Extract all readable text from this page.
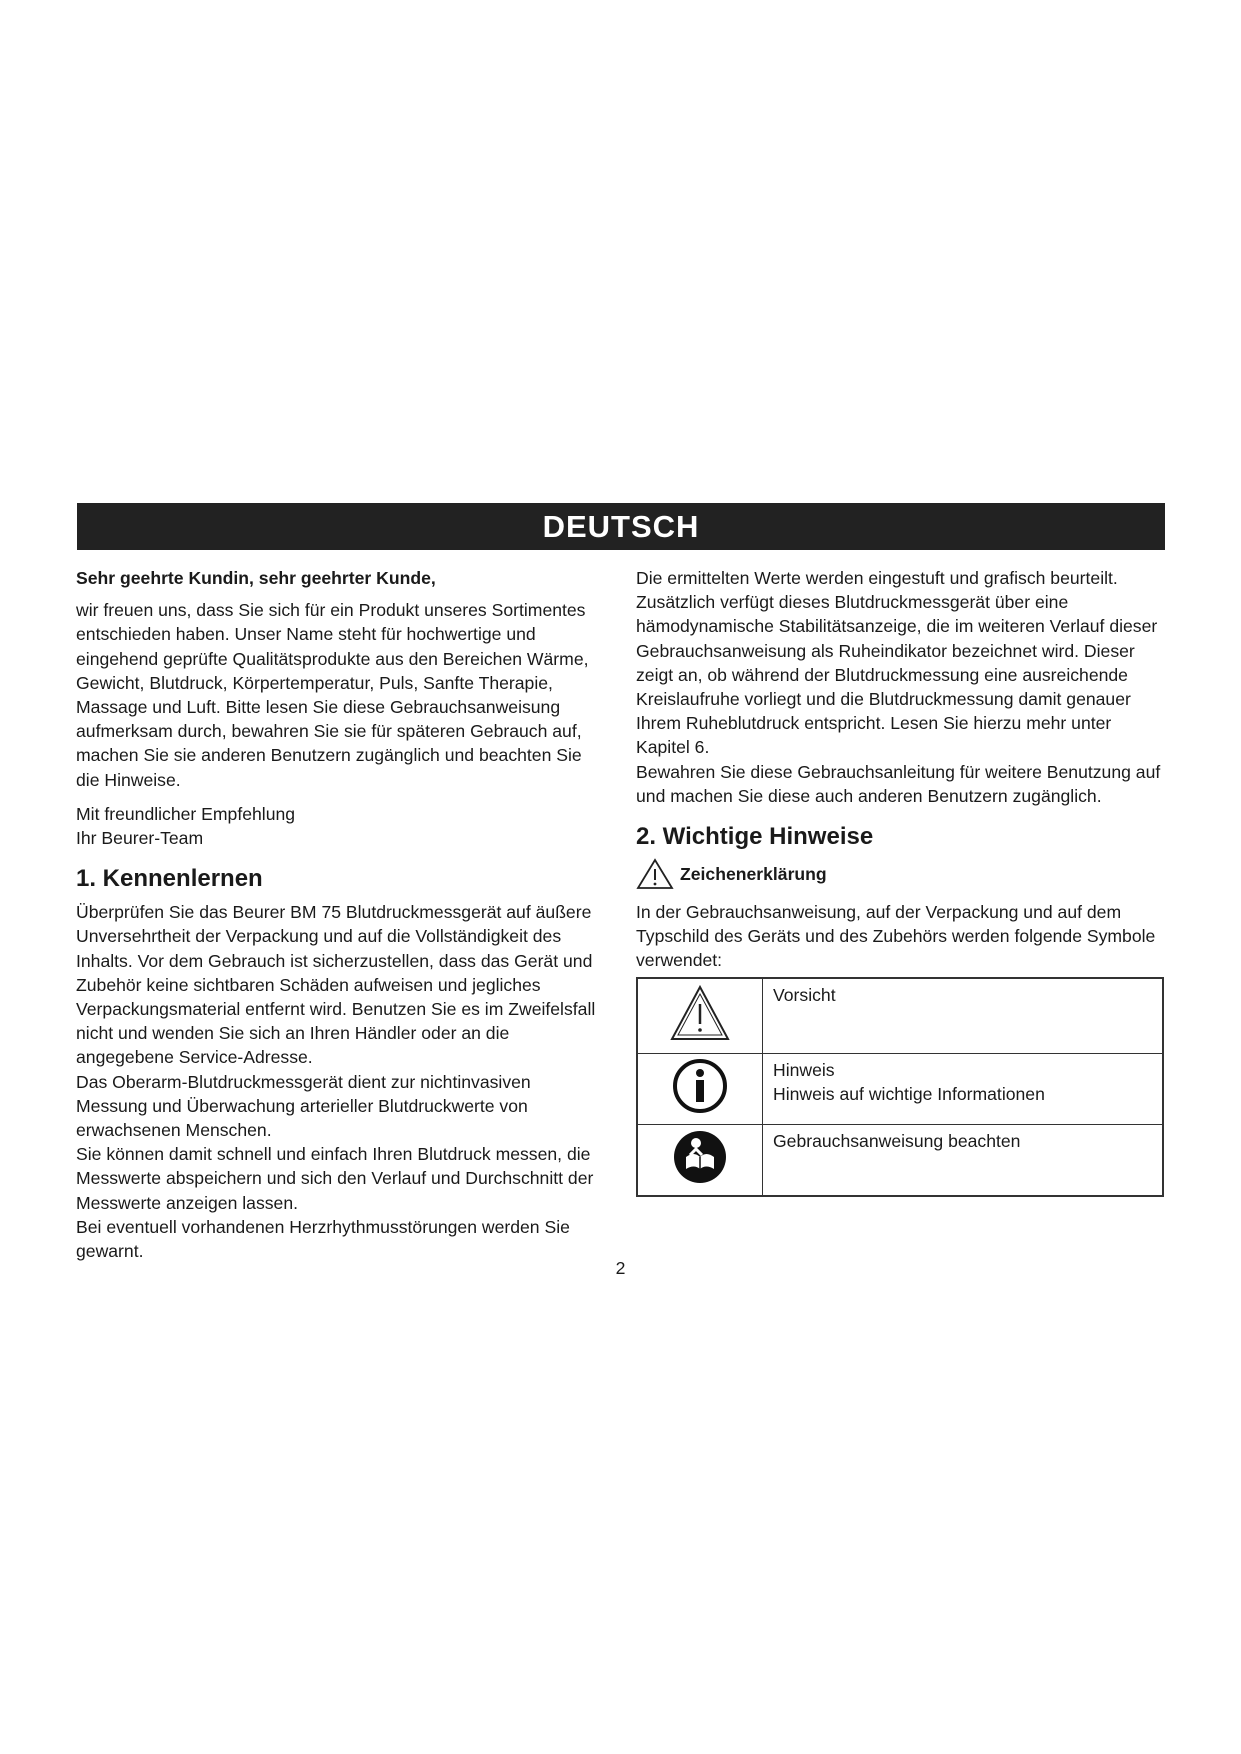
DEUTSCH

Sehr geehrte Kundin, sehr geehrter Kunde,

wir freuen uns, dass Sie sich für ein Produkt unseres Sortimentes entschieden haben. Unser Name steht für hochwertige und eingehend geprüfte Qualitätsprodukte aus den Bereichen Wärme, Gewicht, Blutdruck, Körpertemperatur, Puls, Sanfte Therapie, Massage und Luft. Bitte lesen Sie diese Gebrauchsanweisung aufmerksam durch, bewahren Sie sie für späteren Gebrauch auf, machen Sie sie anderen Benutzern zugänglich und beachten Sie die Hinweise.

Mit freundlicher Empfehlung

Ihr Beurer-Team

1. Kennenlernen

Überprüfen Sie das Beurer BM 75 Blutdruckmessgerät auf äußere Unversehrtheit der Verpackung und auf die Vollständigkeit des Inhalts. Vor dem Gebrauch ist sicherzustellen, dass das Gerät und Zubehör keine sichtbaren Schäden aufweisen und jegliches Verpackungsmaterial entfernt wird. Benutzen Sie es im Zweifelsfall nicht und wenden Sie sich an Ihren Händler oder an die angegebene Service-Adresse.

Das Oberarm-Blutdruckmessgerät dient zur nichtinvasiven Messung und Überwachung arterieller Blutdruckwerte von erwachsenen Menschen.

Sie können damit schnell und einfach Ihren Blutdruck messen, die Messwerte abspeichern und sich den Verlauf und Durchschnitt der Messwerte anzeigen lassen.

Bei eventuell vorhandenen Herzrhythmusstörungen werden Sie gewarnt.

Die ermittelten Werte werden eingestuft und grafisch beurteilt.

Zusätzlich verfügt dieses Blutdruckmessgerät über eine hämodynamische Stabilitätsanzeige, die im weiteren Verlauf dieser Gebrauchsanweisung als Ruheindikator bezeichnet wird. Dieser zeigt an, ob während der Blutdruckmessung eine ausreichende Kreislaufruhe vorliegt und die Blutdruckmessung damit genauer Ihrem Ruheblutdruck entspricht. Lesen Sie hierzu mehr unter Kapitel 6.

Bewahren Sie diese Gebrauchsanleitung für weitere Benutzung auf und machen Sie diese auch anderen Benutzern zugänglich.

2. Wichtige Hinweise
Zeichenerklärung

In der Gebrauchsanweisung, auf der Verpackung und auf dem Typschild des Geräts und des Zubehörs werden folgende Symbole verwendet:

Vorsicht

Hinweis
Hinweis auf wichtige Informationen

Gebrauchsanweisung beachten
2
